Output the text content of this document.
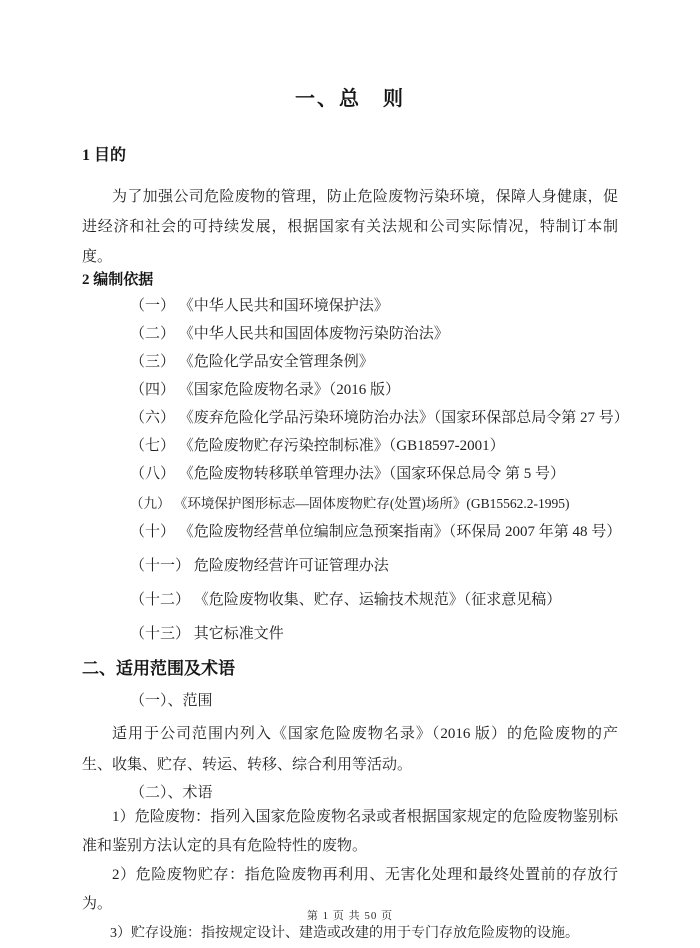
一、总　则
1 目的

为了加强公司危险废物的管理，防止危险废物污染环境，保障人身健康，促进经济和社会的可持续发展，根据国家有关法规和公司实际情况，特制订本制度。

2 编制依据
（一） 《中华人民共和国环境保护法》
（二） 《中华人民共和国固体废物污染防治法》
（三） 《危险化学品安全管理条例》
（四） 《国家危险废物名录》（2016 版）
（六） 《废弃危险化学品污染环境防治办法》（国家环保部总局令第 27 号）
（七） 《危险废物贮存污染控制标准》（GB18597-2001）
（八） 《危险废物转移联单管理办法》（国家环保总局令 第 5 号）
（九） 《环境保护图形标志—固体废物贮存(处置)场所》(GB15562.2-1995)
（十） 《危险废物经营单位编制应急预案指南》（环保局 2007 年第 48 号）
（十一） 危险废物经营许可证管理办法
（十二） 《危险废物收集、贮存、运输技术规范》（征求意见稿）
（十三） 其它标准文件
二、适用范围及术语
（一）、范围

适用于公司范围内列入《国家危险废物名录》（2016 版）的危险废物的产生、收集、贮存、转运、转移、综合利用等活动。

（二）、术语

1）危险废物：指列入国家危险废物名录或者根据国家规定的危险废物鉴别标准和鉴别方法认定的具有危险特性的废物。

2）危险废物贮存：指危险废物再利用、无害化处理和最终处置前的存放行为。

3）贮存设施：指按规定设计、建造或改建的用于专门存放危险废物的设施。

第 1 页 共 50 页
